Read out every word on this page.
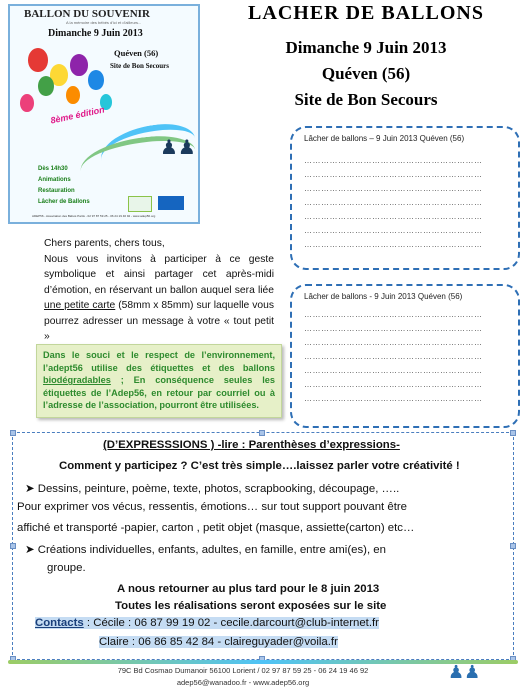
BALLON DU SOUVENIR
A la mémoire des bébés d'ici et d'ailleurs...
Dimanche 9 Juin 2013
Quéven (56)
Site de Bon Secours
♟♟
8ème édition
Dès 14h30
Animations
Restauration
Lâcher de Ballons
ADEP56 - Association des Bébés Partis - 02 97 87 59 25 - 06 24 19 46 92 - www.adep56.org
LACHER DE BALLONS
Dimanche 9 Juin 2013
Quéven (56)
Site de Bon Secours
Lâcher de ballons – 9 Juin 2013 Quéven (56)
………………………………………………………
………………………………………………………
………………………………………………………
………………………………………………………
………………………………………………………
………………………………………………………
………………………………………………………
Lâcher de ballons - 9 Juin 2013 Quéven (56)
………………………………………………………
………………………………………………………
………………………………………………………
………………………………………………………
………………………………………………………
………………………………………………………
………………………………………………………
Chers parents, chers tous,
Nous vous invitons à participer à ce geste symbolique et ainsi partager cet après-midi d’émotion, en réservant un ballon auquel sera liée une petite carte (58mm x 85mm) sur laquelle vous pourrez adresser un message à votre « tout petit »
Dans le souci et le respect de l’environnement, l’adept56 utilise des étiquettes et des ballons biodégradables ; En conséquence seules les étiquettes de l’Adep56, en retour par courriel ou à l’adresse de l’association, pourront être utilisées.
(D’EXPRESSSIONS ) -lire : Parenthèses d’expressions-
Comment y participez ? C’est très simple….laissez parler votre créativité !
➤ Dessins, peinture, poème, texte, photos, scrapbooking, découpage, …..
Pour exprimer vos vécus, ressentis, émotions… sur tout support pouvant être
affiché et transporté -papier, carton , petit objet (masque, assiette(carton) etc…
➤ Créations individuelles, enfants, adultes, en famille, entre ami(es), en
groupe.
A nous retourner au plus tard pour le 8 juin 2013
Toutes les réalisations seront exposées sur le site
Contacts : Cécile : 06 87 99 19 02 - cecile.darcourt@club-internet.fr
Claire : 06 86 85 42 84 - claireguyader@voila.fr
79C Bd Cosmao Dumanoir 56100 Lorient / 02 97 87 59 25 - 06 24 19 46 92
adep56@wanadoo.fr - www.adep56.org
♟♟
